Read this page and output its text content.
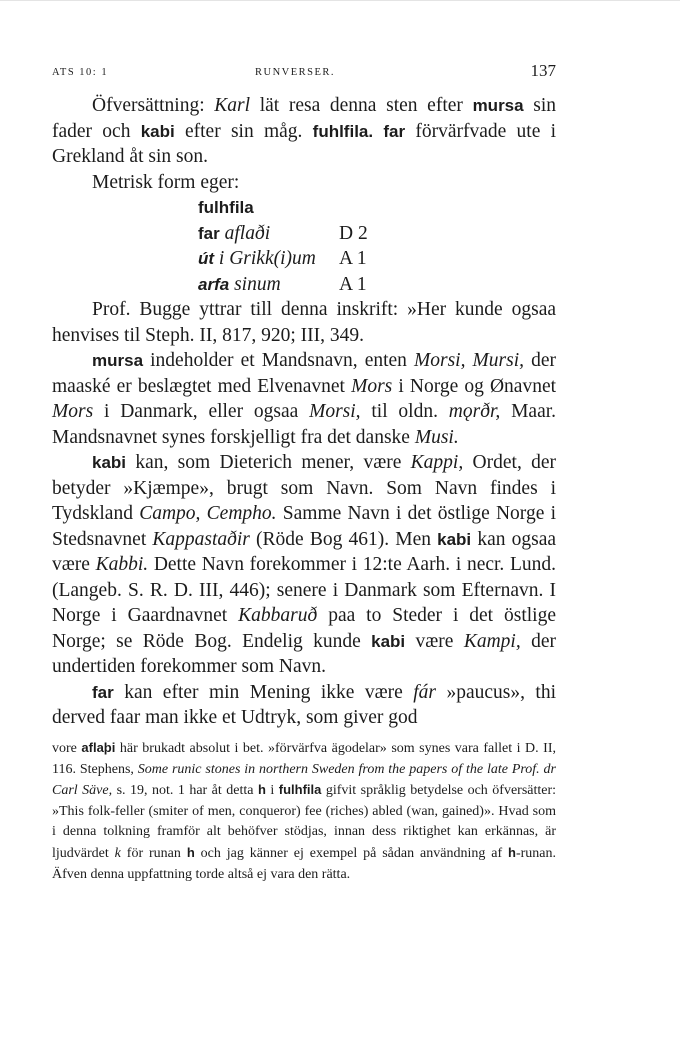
ATS 10: 1	RUNVERSER.	137

Öfversättning: Karl lät resa denna sten efter mursa sin fader och kabi efter sin måg. fuhlfila. far förvärfvade ute i Grekland åt sin son.

Metrisk form eger:

fulhfila
far aflaði	D 2
út i Grikk(i)um	A 1
arfa sinum	A 1

Prof. Bugge yttrar till denna inskrift: »Her kunde ogsaa henvises til Steph. II, 817, 920; III, 349.

mursa indeholder et Mandsnavn, enten Morsi, Mursi, der maaské er beslægtet med Elvenavnet Mors i Norge og Ønavnet Mors i Danmark, eller ogsaa Morsi, til oldn. mǫrðr, Maar. Mandsnavnet synes forskjelligt fra det danske Musi.

kabi kan, som Dieterich mener, være Kappi, Ordet, der betyder »Kjæmpe», brugt som Navn. Som Navn findes i Tydskland Campo, Cempho. Samme Navn i det östlige Norge i Stedsnavnet Kappastaðir (Röde Bog 461). Men kabi kan ogsaa være Kabbi. Dette Navn forekommer i 12:te Aarh. i necr. Lund. (Langeb. S. R. D. III, 446); senere i Danmark som Efternavn. I Norge i Gaardnavnet Kabbaruð paa to Steder i det östlige Norge; se Röde Bog. Endelig kunde kabi være Kampi, der undertiden forekommer som Navn.

far kan efter min Mening ikke være fár »paucus», thi derved faar man ikke et Udtryk, som giver god

vore aflaþi här brukadt absolut i bet. »förvärfva ägodelar» som synes vara fallet i D. II, 116. Stephens, Some runic stones in northern Sweden from the papers of the late Prof. dr Carl Säve, s. 19, not. 1 har åt detta h i fulhfila gifvit språklig betydelse och öfversätter: »This folk-feller (smiter of men, conqueror) fee (riches) abled (wan, gained)». Hvad som i denna tolkning framför alt behöfver stödjas, innan dess riktighet kan erkännas, är ljudvärdet k för runan h och jag känner ej exempel på sådan användning af h-runan. Äfven denna uppfattning torde altså ej vara den rätta.
